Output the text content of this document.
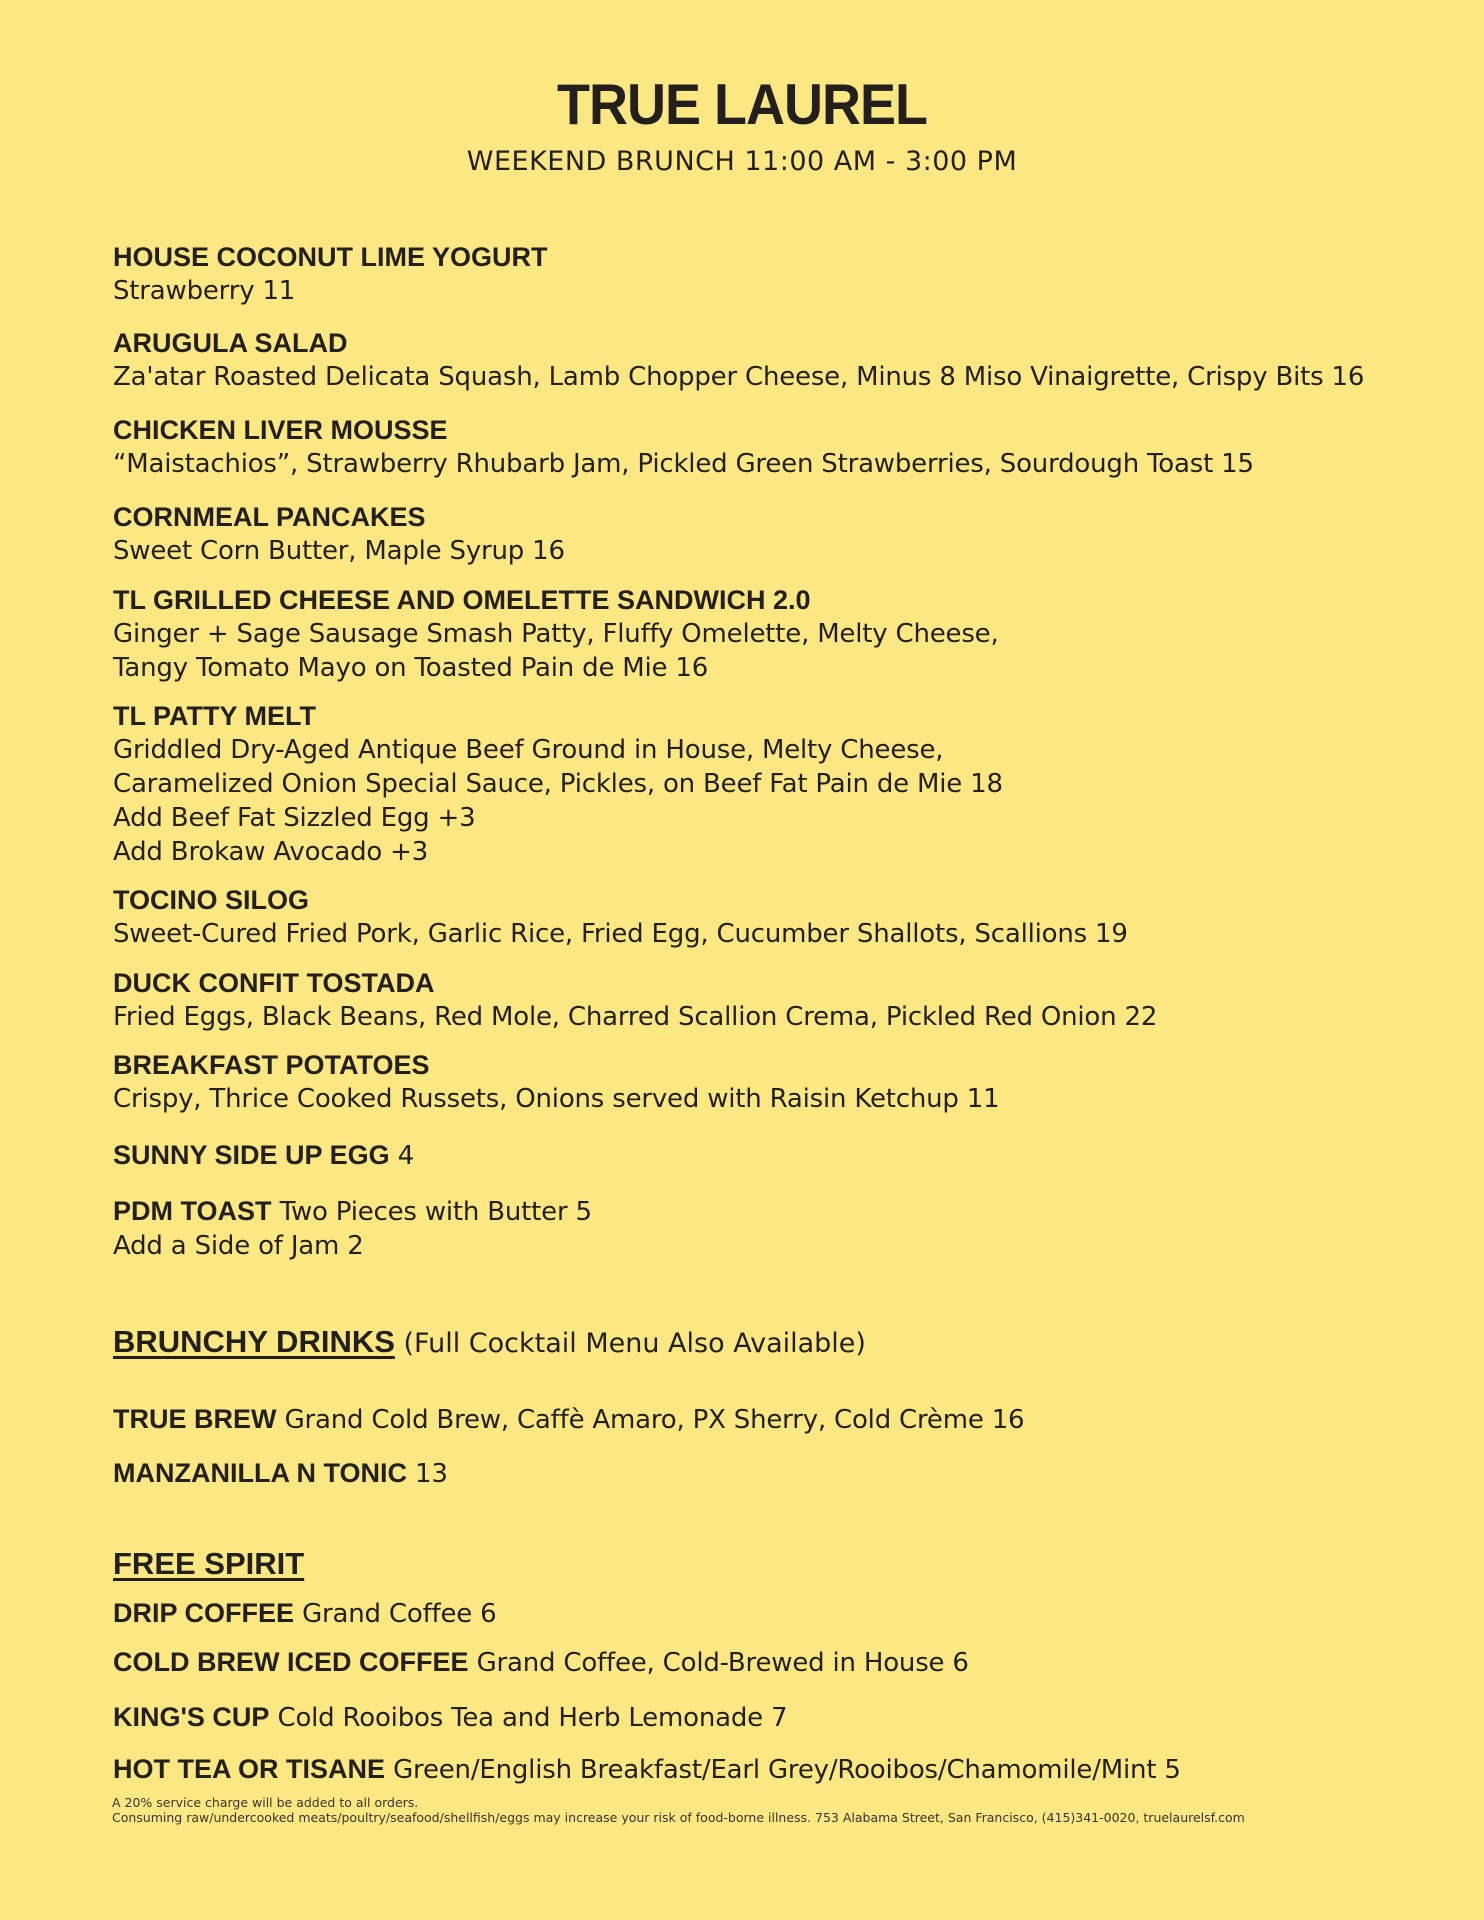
TRUE LAUREL
WEEKEND BRUNCH 11:00 AM - 3:00 PM
HOUSE COCONUT LIME YOGURT
Strawberry 11
ARUGULA SALAD
Za'atar Roasted Delicata Squash, Lamb Chopper Cheese, Minus 8 Miso Vinaigrette, Crispy Bits 16
CHICKEN LIVER MOUSSE
“Maistachios”, Strawberry Rhubarb Jam, Pickled Green Strawberries, Sourdough Toast 15
CORNMEAL PANCAKES
Sweet Corn Butter, Maple Syrup 16
TL GRILLED CHEESE AND OMELETTE SANDWICH 2.0
Ginger + Sage Sausage Smash Patty, Fluffy Omelette, Melty Cheese,
Tangy Tomato Mayo on Toasted Pain de Mie 16
TL PATTY MELT
Griddled Dry-Aged Antique Beef Ground in House, Melty Cheese,
Caramelized Onion Special Sauce, Pickles, on Beef Fat Pain de Mie 18
Add Beef Fat Sizzled Egg +3
Add Brokaw Avocado +3
TOCINO SILOG
Sweet-Cured Fried Pork, Garlic Rice, Fried Egg, Cucumber Shallots, Scallions 19
DUCK CONFIT TOSTADA
Fried Eggs, Black Beans, Red Mole, Charred Scallion Crema, Pickled Red Onion 22
BREAKFAST POTATOES
Crispy, Thrice Cooked Russets, Onions served with Raisin Ketchup 11
SUNNY SIDE UP EGG 4
PDM TOAST Two Pieces with Butter 5
Add a Side of Jam 2
BRUNCHY DRINKS (Full Cocktail Menu Also Available)
TRUE BREW Grand Cold Brew, Caffè Amaro, PX Sherry, Cold Crème 16
MANZANILLA N TONIC 13
FREE SPIRIT
DRIP COFFEE Grand Coffee 6
COLD BREW ICED COFFEE Grand Coffee, Cold-Brewed in House 6
KING'S CUP Cold Rooibos Tea and Herb Lemonade 7
HOT TEA OR TISANE Green/English Breakfast/Earl Grey/Rooibos/Chamomile/Mint 5
A 20% service charge will be added to all orders.
Consuming raw/undercooked meats/poultry/seafood/shellfish/eggs may increase your risk of food-borne illness. 753 Alabama Street, San Francisco, (415)341-0020, truelaurelsf.com
